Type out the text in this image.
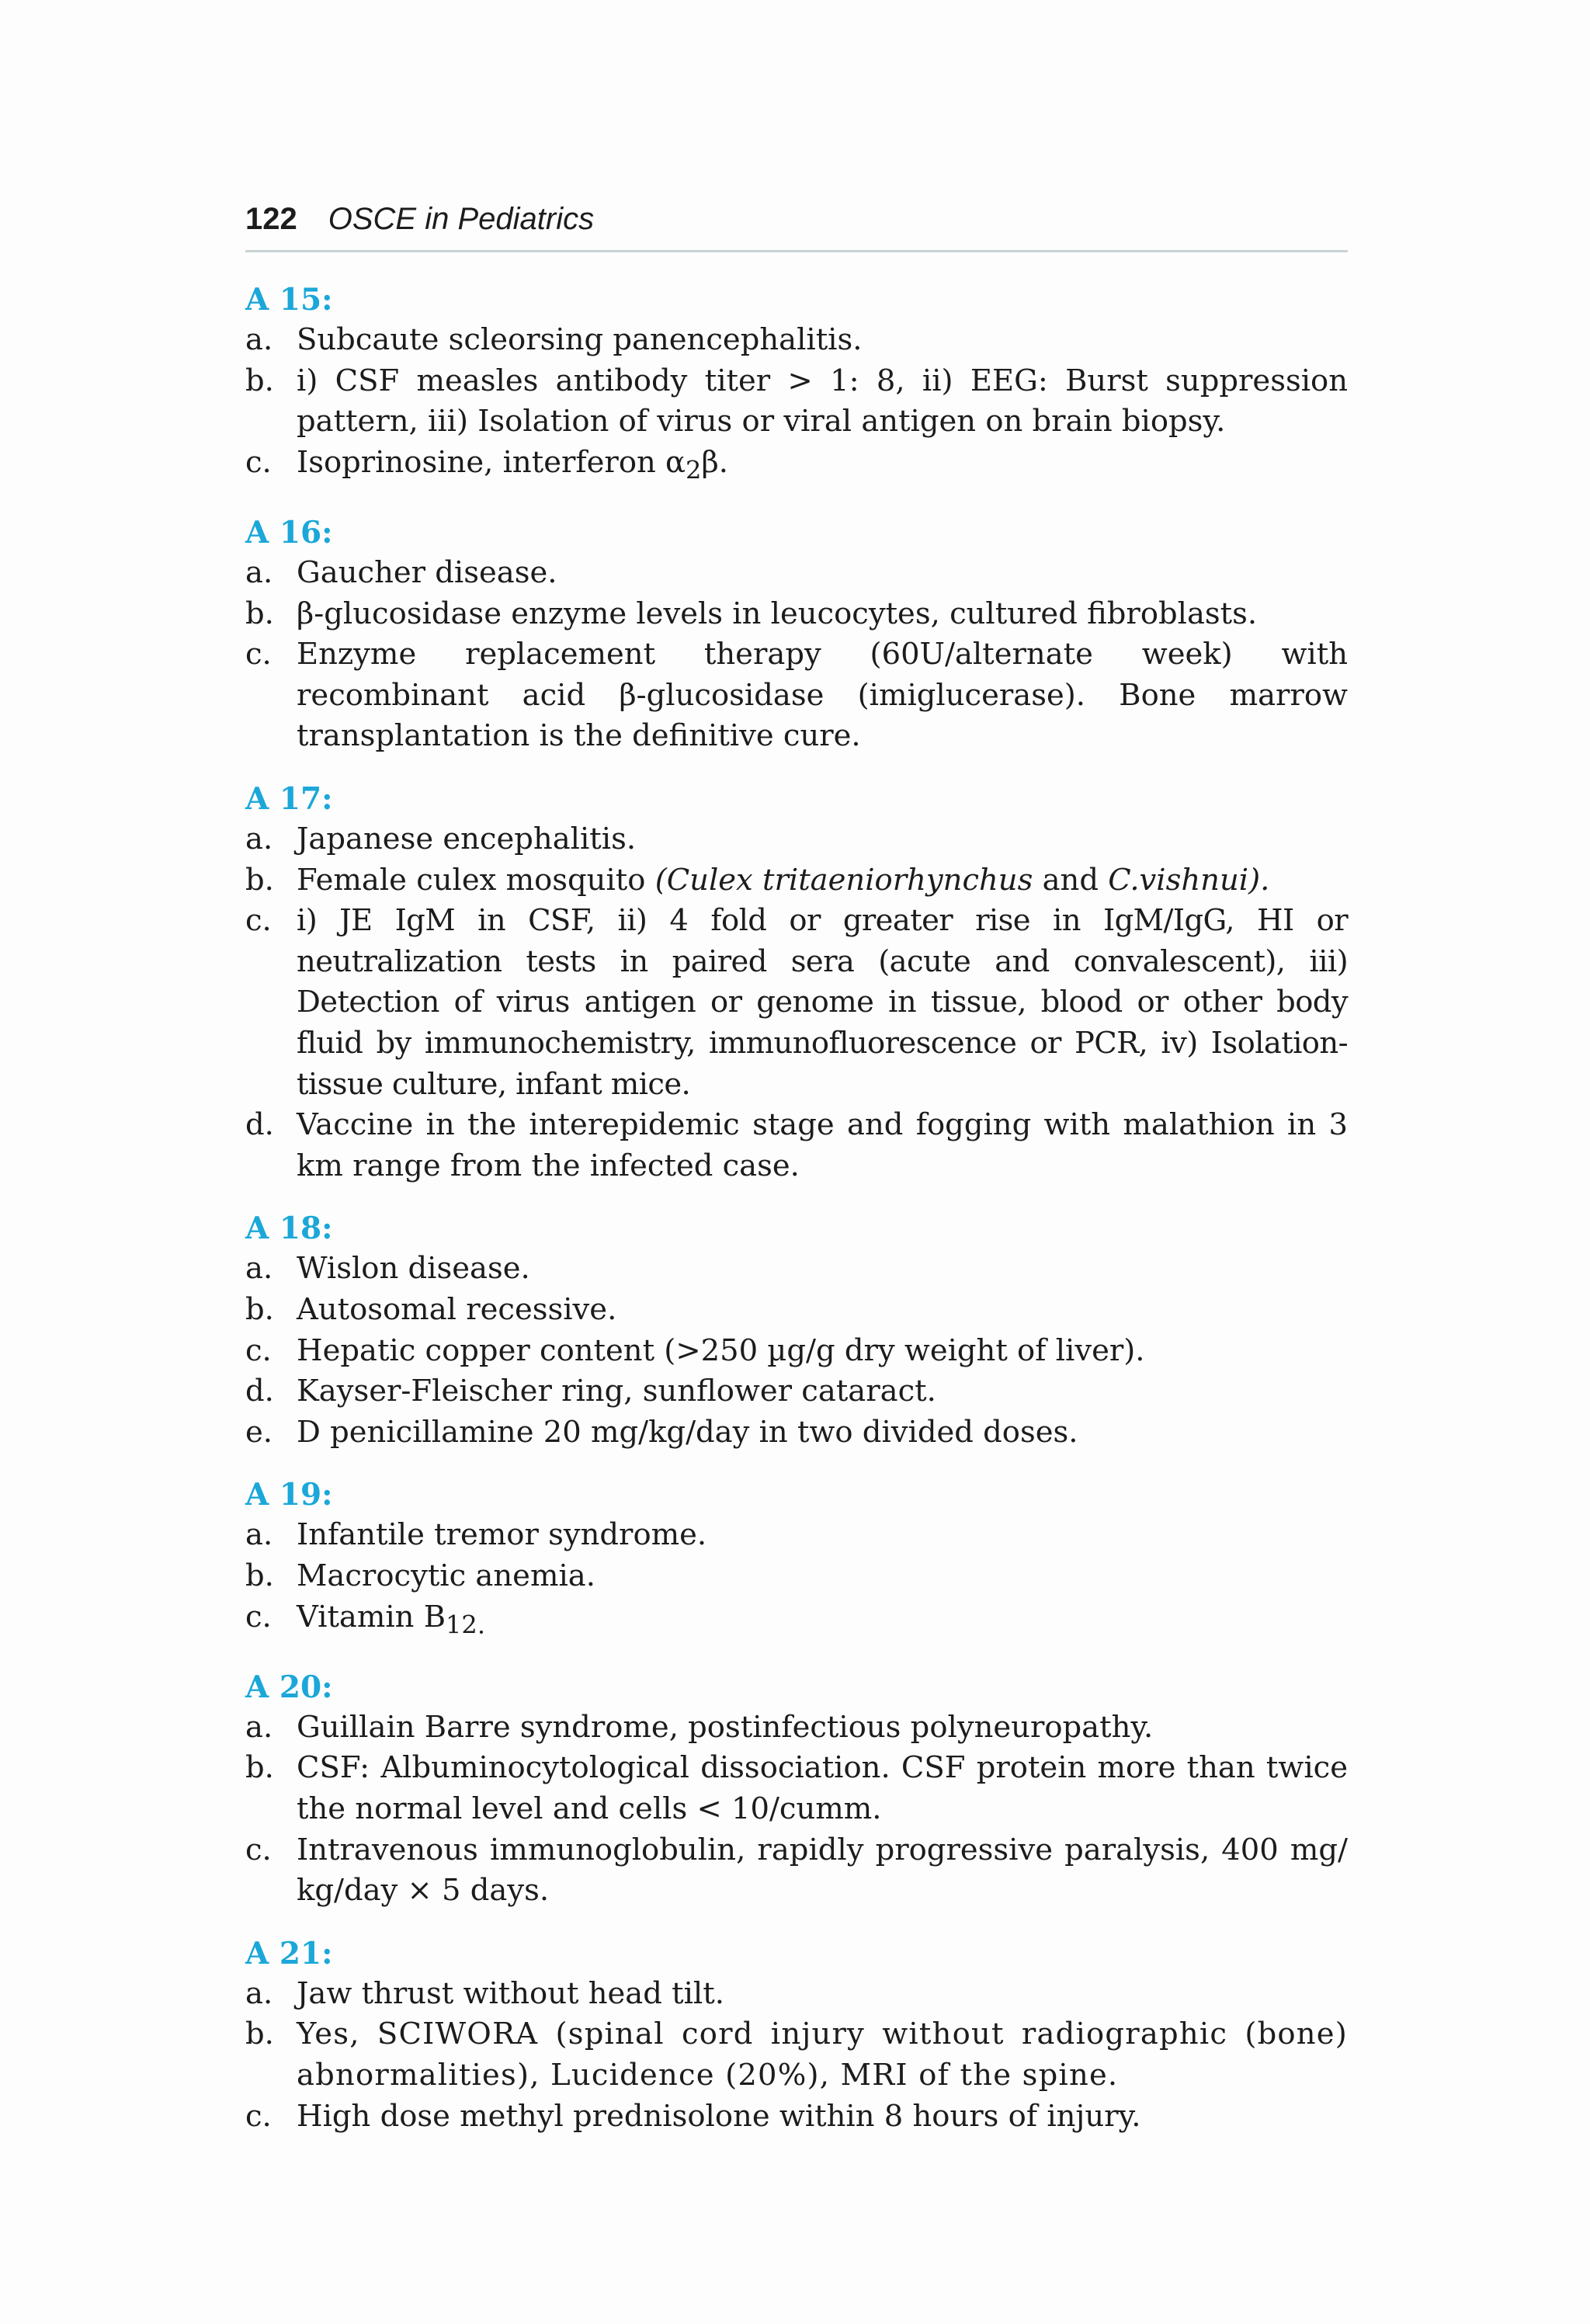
122 OSCE in Pediatrics
A 15:
a. Subcaute scleorsing panencephalitis.
b. i) CSF measles antibody titer > 1: 8, ii) EEG: Burst suppression pattern, iii) Isolation of virus or viral antigen on brain biopsy.
c. Isoprinosine, interferon $\alpha_2\beta$.
A 16:
a. Gaucher disease.
b. β-glucosidase enzyme levels in leucocytes, cultured fibroblasts.
c. Enzyme replacement therapy (60U/alternate week) with recombinant acid β-glucosidase (imiglucerase). Bone marrow transplantation is the definitive cure.
A 17:
a. Japanese encephalitis.
b. Female culex mosquito (Culex tritaeniorhynchus and C.vishnui).
c. i) JE IgM in CSF, ii) 4 fold or greater rise in IgM/IgG, HI or neutralization tests in paired sera (acute and convalescent), iii) Detection of virus antigen or genome in tissue, blood or other body fluid by immunochemistry, immunofluorescence or PCR, iv) Isolation-tissue culture, infant mice.
d. Vaccine in the interepidemic stage and fogging with malathion in 3 km range from the infected case.
A 18:
a. Wislon disease.
b. Autosomal recessive.
c. Hepatic copper content (>250 µg/g dry weight of liver).
d. Kayser-Fleischer ring, sunflower cataract.
e. D penicillamine 20 mg/kg/day in two divided doses.
A 19:
a. Infantile tremor syndrome.
b. Macrocytic anemia.
c. Vitamin $B_{12.}$
A 20:
a. Guillain Barre syndrome, postinfectious polyneuropathy.
b. CSF: Albuminocytological dissociation. CSF protein more than twice the normal level and cells < 10/cumm.
c. Intravenous immunoglobulin, rapidly progressive paralysis, 400 mg/ kg/day × 5 days.
A 21:
a. Jaw thrust without head tilt.
b. Yes, SCIWORA (spinal cord injury without radiographic (bone) abnormalities), Lucidence (20%), MRI of the spine.
c. High dose methyl prednisolone within 8 hours of injury.
